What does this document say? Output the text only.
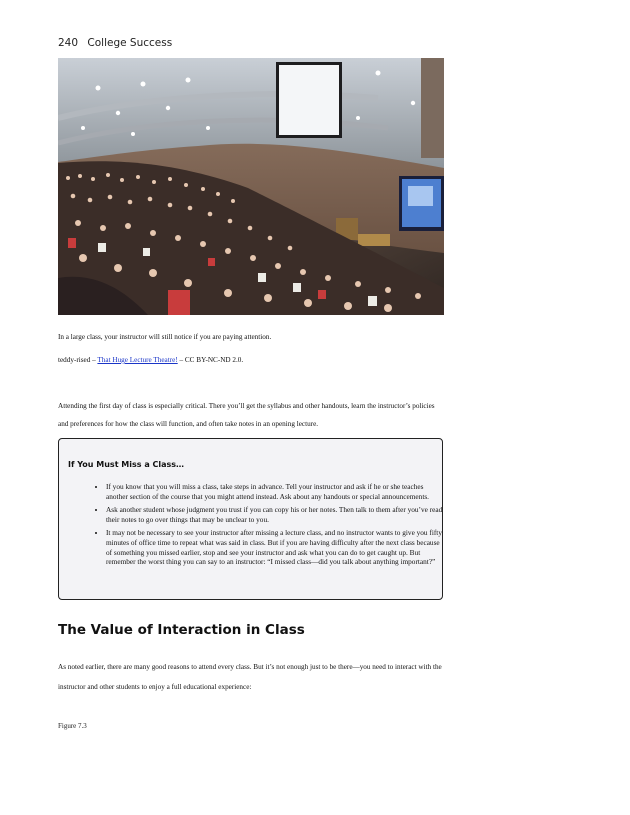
240 College Success
In a large class, your instructor will still notice if you are paying attention.
teddy-rised – That Huge Lecture Theatre! – CC BY-NC-ND 2.0.
Attending the first day of class is especially critical. There you’ll get the syllabus and other handouts, learn the instructor’s policies and preferences for how the class will function, and often take notes in an opening lecture.
If You Must Miss a Class…
• If you know that you will miss a class, take steps in advance. Tell your instructor and ask if he or she teaches another section of the course that you might attend instead. Ask about any handouts or special announcements.
• Ask another student whose judgment you trust if you can copy his or her notes. Then talk to them after you’ve read their notes to go over things that may be unclear to you.
• It may not be necessary to see your instructor after missing a lecture class, and no instructor wants to give you fifty minutes of office time to repeat what was said in class. But if you are having difficulty after the next class because of something you missed earlier, stop and see your instructor and ask what you can do to get caught up. But remember the worst thing you can say to an instructor: “I missed class—did you talk about anything important?”
The Value of Interaction in Class
As noted earlier, there are many good reasons to attend every class. But it’s not enough just to be there—you need to interact with the instructor and other students to enjoy a full educational experience:
Figure 7.3
